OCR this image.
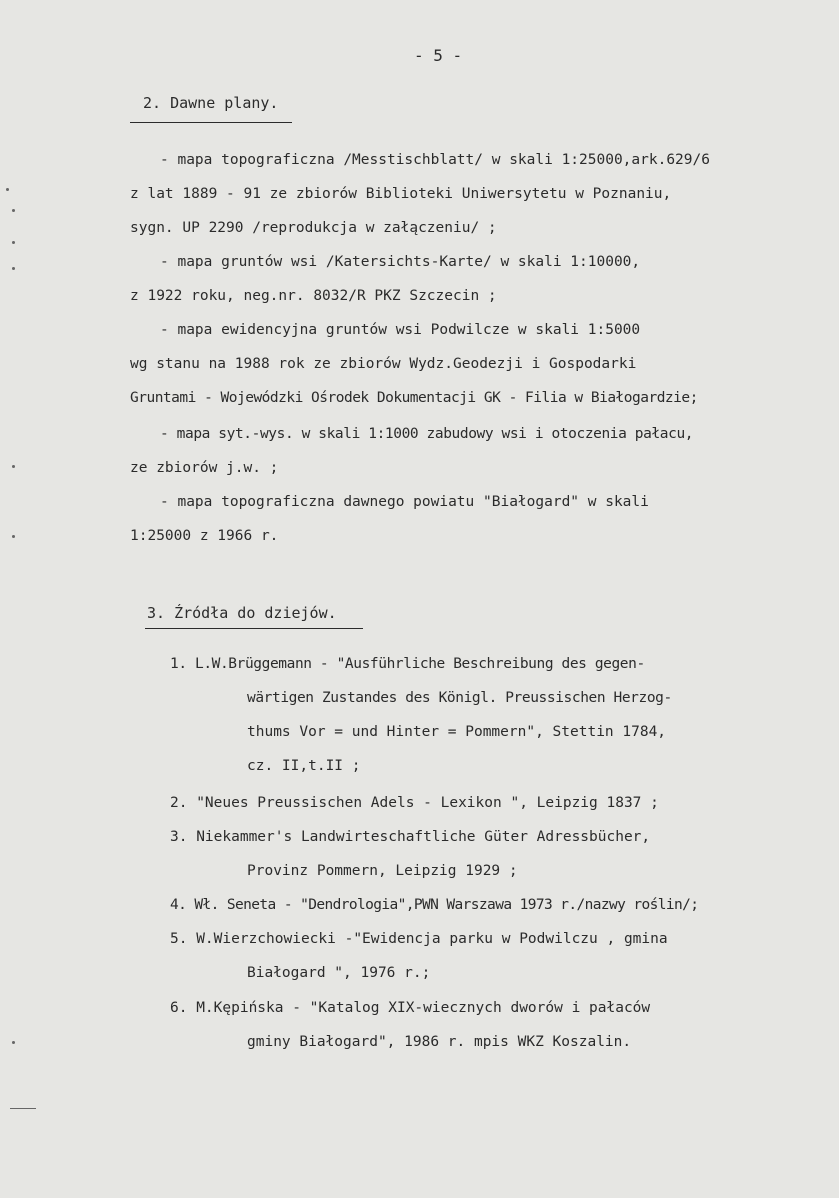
- 5 -
2. Dawne plany.
- mapa topograficzna /Messtischblatt/ w skali 1:25000,ark.629/6
z lat 1889 - 91 ze zbiorów Biblioteki Uniwersytetu w Poznaniu,
sygn. UP 2290 /reprodukcja w załączeniu/ ;
- mapa gruntów wsi /Katersichts-Karte/ w skali 1:10000,
z 1922 roku, neg.nr. 8032/R PKZ Szczecin ;
- mapa ewidencyjna gruntów wsi Podwilcze w skali 1:5000
wg stanu na 1988 rok ze zbiorów Wydz.Geodezji i Gospodarki
Gruntami - Wojewódzki Ośrodek Dokumentacji GK - Filia w Białogardzie;
- mapa syt.-wys. w skali 1:1000 zabudowy wsi i otoczenia pałacu,
ze zbiorów j.w. ;
- mapa topograficzna dawnego powiatu "Białogard" w skali
1:25000 z 1966 r.
3. Źródła do dziejów.
1. L.W.Brüggemann - "Ausführliche Beschreibung des gegen-
wärtigen Zustandes des Königl. Preussischen Herzog-
thums Vor = und Hinter = Pommern", Stettin 1784,
cz. II,t.II ;
2. "Neues Preussischen Adels - Lexikon ", Leipzig 1837 ;
3. Niekammer's Landwirteschaftliche Güter Adressbücher,
Provinz Pommern, Leipzig 1929 ;
4. Wł. Seneta - "Dendrologia",PWN Warszawa 1973 r./nazwy roślin/;
5. W.Wierzchowiecki -"Ewidencja parku w Podwilczu , gmina
Białogard ", 1976 r.;
6. M.Kępińska - "Katalog XIX-wiecznych dworów i pałaców
gminy Białogard", 1986 r. mpis WKZ Koszalin.
